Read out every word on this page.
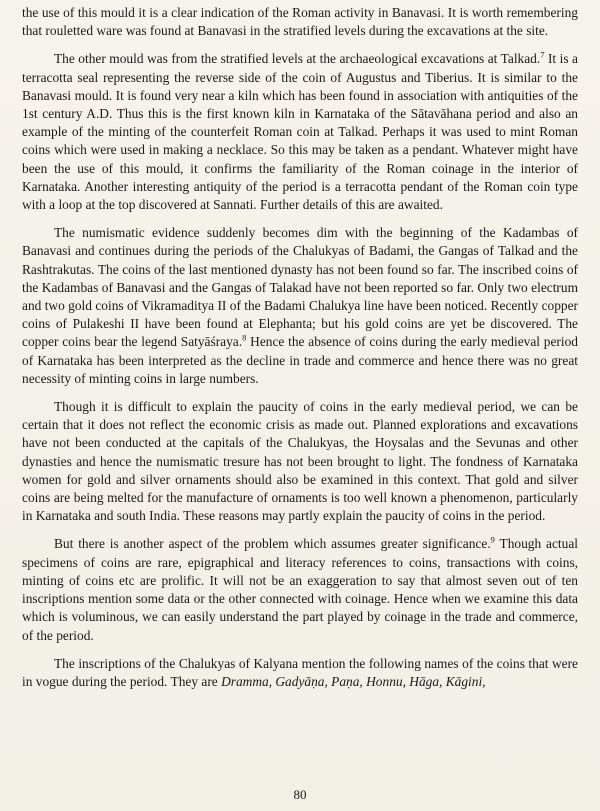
the use of this mould it is a clear indication of the Roman activity in Banavasi. It is worth remembering that rouletted ware was found at Banavasi in the stratified levels during the excavations at the site.

The other mould was from the stratified levels at the archaeological excavations at Talkad.$^7$ It is a terracotta seal representing the reverse side of the coin of Augustus and Tiberius. It is similar to the Banavasi mould. It is found very near a kiln which has been found in association with antiquities of the 1st century A.D. Thus this is the first known kiln in Karnataka of the Sātavāhana period and also an example of the minting of the counterfeit Roman coin at Talkad. Perhaps it was used to mint Roman coins which were used in making a necklace. So this may be taken as a pendant. Whatever might have been the use of this mould, it confirms the familiarity of the Roman coinage in the interior of Karnataka. Another interesting antiquity of the period is a terracotta pendant of the Roman coin type with a loop at the top discovered at Sannati. Further details of this are awaited.

The numismatic evidence suddenly becomes dim with the beginning of the Kadambas of Banavasi and continues during the periods of the Chalukyas of Badami, the Gangas of Talkad and the Rashtrakutas. The coins of the last mentioned dynasty has not been found so far. The inscribed coins of the Kadambas of Banavasi and the Gangas of Talakad have not been reported so far. Only two electrum and two gold coins of Vikramaditya II of the Badami Chalukya line have been noticed. Recently copper coins of Pulakeshi II have been found at Elephanta; but his gold coins are yet be discovered. The copper coins bear the legend Satyāśraya.$^8$ Hence the absence of coins during the early medieval period of Karnataka has been interpreted as the decline in trade and commerce and hence there was no great necessity of minting coins in large numbers.

Though it is difficult to explain the paucity of coins in the early medieval period, we can be certain that it does not reflect the economic crisis as made out. Planned explorations and excavations have not been conducted at the capitals of the Chalukyas, the Hoysalas and the Sevunas and other dynasties and hence the numismatic tresure has not been brought to light. The fondness of Karnataka women for gold and silver ornaments should also be examined in this context. That gold and silver coins are being melted for the manufacture of ornaments is too well known a phenomenon, particularly in Karnataka and south India. These reasons may partly explain the paucity of coins in the period.

But there is another aspect of the problem which assumes greater significance.$^9$ Though actual specimens of coins are rare, epigraphical and literacy references to coins, transactions with coins, minting of coins etc are prolific. It will not be an exaggeration to say that almost seven out of ten inscriptions mention some data or the other connected with coinage. Hence when we examine this data which is voluminous, we can easily understand the part played by coinage in the trade and commerce, of the period.

The inscriptions of the Chalukyas of Kalyana mention the following names of the coins that were in vogue during the period. They are Dramma, Gadyāṇa, Paṇa, Honnu, Hāga, Kāgini,

80
